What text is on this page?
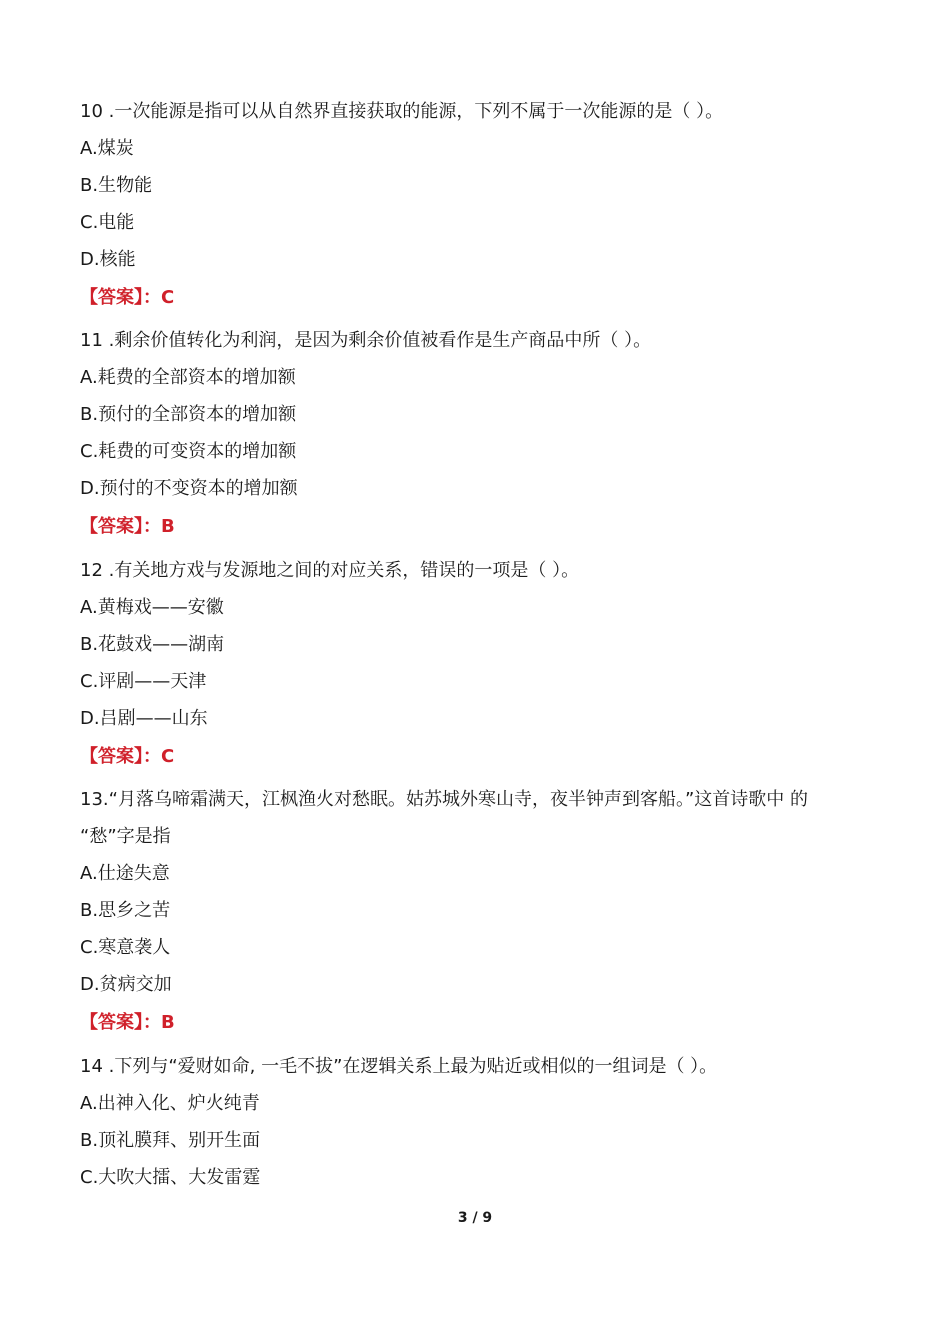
10 .一次能源是指可以从自然界直接获取的能源，下列不属于一次能源的是（ ）。
A.煤炭
B.生物能
C.电能
D.核能
【答案】：C
11 .剩余价值转化为利润，是因为剩余价值被看作是生产商品中所（ ）。
A.耗费的全部资本的增加额
B.预付的全部资本的增加额
C.耗费的可变资本的增加额
D.预付的不变资本的增加额
【答案】：B
12 .有关地方戏与发源地之间的对应关系，错误的一项是（ ）。
A.黄梅戏——安徽
B.花鼓戏——湖南
C.评剧——天津
D.吕剧——山东
【答案】：C
13.“月落乌啼霜满天，江枫渔火对愁眠。姑苏城外寒山寺，夜半钟声到客船。”这首诗歌中 的
“愁”字是指
A.仕途失意
B.思乡之苦
C.寒意袭人
D.贫病交加
【答案】：B
14 .下列与“爱财如命, 一毛不拔”在逻辑关系上最为贴近或相似的一组词是（ ）。
A.出神入化、炉火纯青
B.顶礼膜拜、别开生面
C.大吹大擂、大发雷霆
3 / 9
